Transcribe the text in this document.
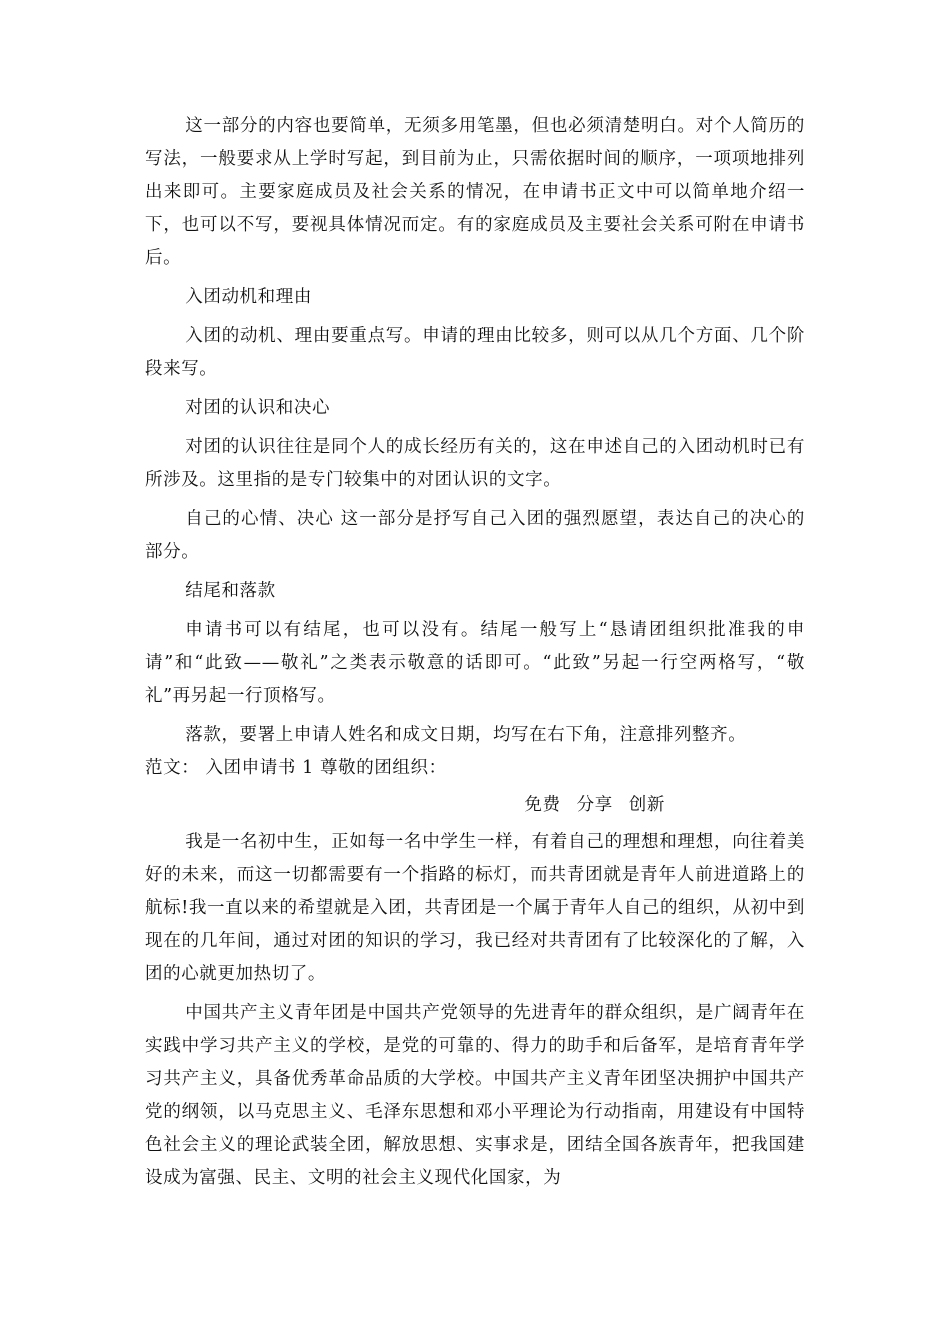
这一部分的内容也要简单，无须多用笔墨，但也必须清楚明白。对个人简历的写法，一般要求从上学时写起，到目前为止，只需依据时间的顺序，一项项地排列出来即可。主要家庭成员及社会关系的情况，在申请书正文中可以简单地介绍一下，也可以不写，要视具体情况而定。有的家庭成员及主要社会关系可附在申请书后。

入团动机和理由

入团的动机、理由要重点写。申请的理由比较多，则可以从几个方面、几个阶段来写。

对团的认识和决心

对团的认识往往是同个人的成长经历有关的，这在申述自己的入团动机时已有所涉及。这里指的是专门较集中的对团认识的文字。

自己的心情、决心 这一部分是抒写自己入团的强烈愿望，表达自己的决心的部分。

结尾和落款

申请书可以有结尾，也可以没有。结尾一般写上“恳请团组织批准我的申请”和“此致——敬礼”之类表示敬意的话即可。“此致”另起一行空两格写，“敬礼”再另起一行顶格写。

落款，要署上申请人姓名和成文日期，均写在右下角，注意排列整齐。

范文： 入团申请书 1 尊敬的团组织：

免费 分享 创新

我是一名初中生，正如每一名中学生一样，有着自己的理想和理想，向往着美好的未来，而这一切都需要有一个指路的标灯，而共青团就是青年人前进道路上的航标!我一直以来的希望就是入团，共青团是一个属于青年人自己的组织，从初中到现在的几年间，通过对团的知识的学习，我已经对共青团有了比较深化的了解，入团的心就更加热切了。

中国共产主义青年团是中国共产党领导的先进青年的群众组织，是广阔青年在实践中学习共产主义的学校，是党的可靠的、得力的助手和后备军，是培育青年学习共产主义，具备优秀革命品质的大学校。中国共产主义青年团坚决拥护中国共产党的纲领，以马克思主义、毛泽东思想和邓小平理论为行动指南，用建设有中国特色社会主义的理论武装全团，解放思想、实事求是，团结全国各族青年，把我国建设成为富强、民主、文明的社会主义现代化国家，为
